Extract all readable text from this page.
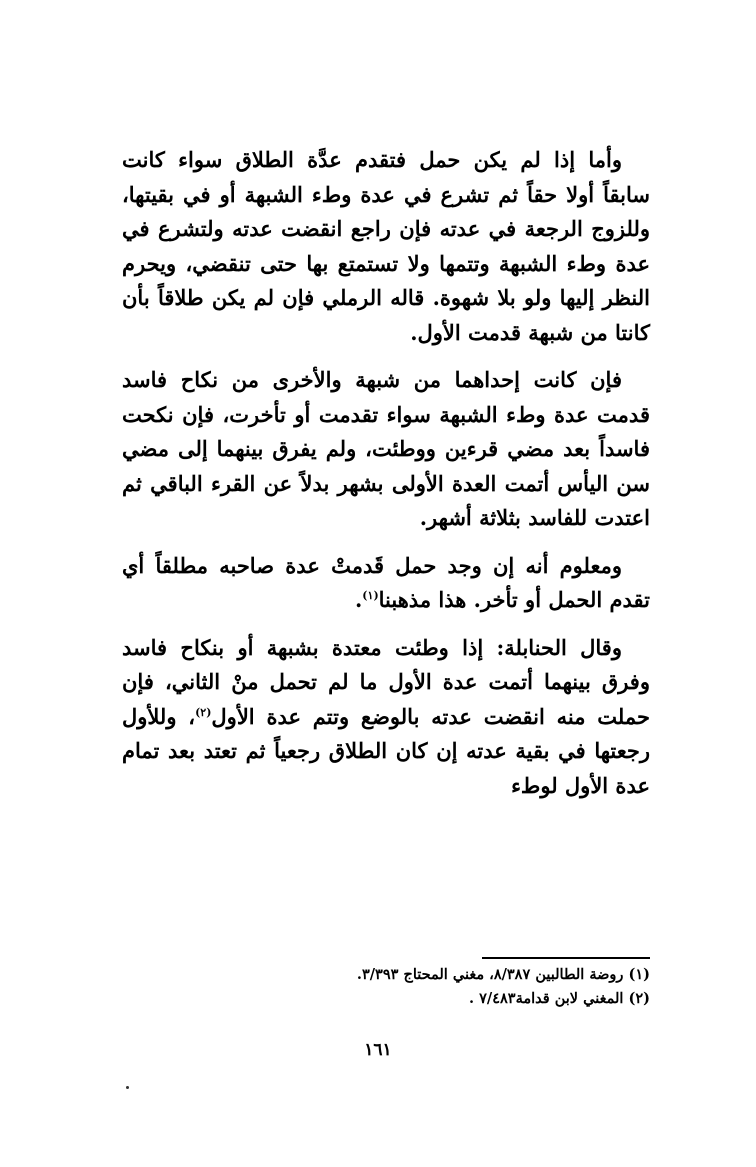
وأما إذا لم يكن حمل فتقدم عدَّة الطلاق سواء كانت سابقاً أولا حقاً ثم تشرع في عدة وطء الشبهة أو في بقيتها، وللزوج الرجعة في عدته فإن راجع انقضت عدته ولتشرع في عدة وطء الشبهة وتتمها ولا تستمتع بها حتى تنقضي، ويحرم النظر إليها ولو بلا شهوة. قاله الرملي فإن لم يكن طلاقاً بأن كانتا من شبهة قدمت الأول.

فإن كانت إحداهما من شبهة والأخرى من نكاح فاسد قدمت عدة وطء الشبهة سواء تقدمت أو تأخرت، فإن نكحت فاسداً بعد مضي قرءين ووطئت، ولم يفرق بينهما إلى مضي سن اليأس أتمت العدة الأولى بشهر بدلاً عن القرء الباقي ثم اعتدت للفاسد بثلاثة أشهر.

ومعلوم أنه إن وجد حمل قَدمتْ عدة صاحبه مطلقاً أي تقدم الحمل أو تأخر. هذا مذهبنا$^{(١)}$.

وقال الحنابلة: إذا وطئت معتدة بشبهة أو بنكاح فاسد وفرق بينهما أتمت عدة الأول ما لم تحمل منْ الثاني، فإن حملت منه انقضت عدته بالوضع وتتم عدة الأول$^{(٢)}$، وللأول رجعتها في بقية عدته إن كان الطلاق رجعياً ثم تعتد بعد تمام عدة الأول لوطء

(١) روضة الطالبين ٨/٣٨٧، مغني المحتاج ٣/٣٩٣.

(٢) المغني لابن قدامة٧/٤٨٣ .

١٦١
